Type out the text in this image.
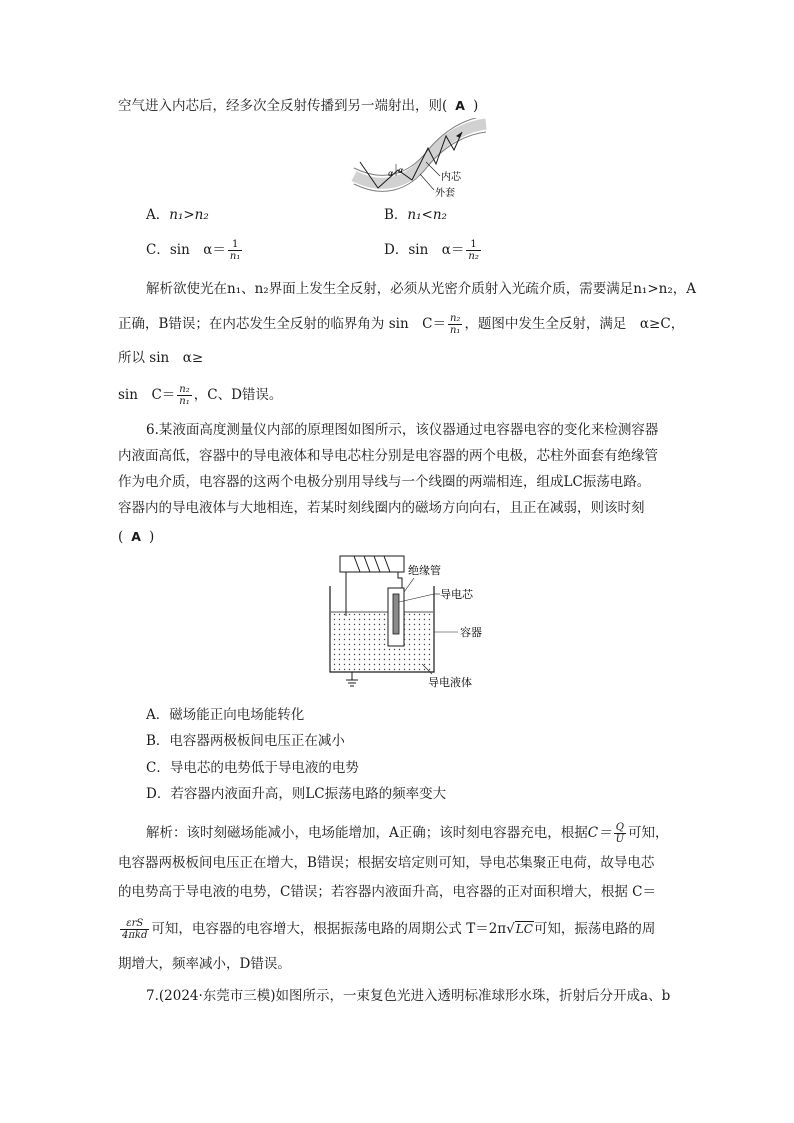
空气进入内芯后，经多次全反射传播到另一端射出，则( A )
α α
内芯
外套
A．n₁>n₂	B．n₁<n₂
C．sin　$\alpha= \frac{1}{\text{n₁}}$	D．sin　$\alpha= \frac{1}{\text{n₂}}$
解析欲使光在n₁、n₂界面上发生全反射，必须从光密介质射入光疏介质，需要满足n₁>n₂，A
正确，B错误；在内芯发生全反射的临界角为 sin　$C= \frac{\text{n₂}}{\text{n₁}}$ ，题图中发生全反射，满足　α≥C，
所以 sin　α≥
sin　$C= \frac{\text{n₂}}{\text{n₁}}$ ，C、D错误。
6.某液面高度测量仪内部的原理图如图所示，该仪器通过电容器电容的变化来检测容器
内液面高低，容器中的导电液体和导电芯柱分别是电容器的两个电极，芯柱外面套有绝缘管
作为电介质，电容器的这两个电极分别用导线与一个线圈的两端相连，组成LC振荡电路。
容器内的导电液体与大地相连，若某时刻线圈内的磁场方向向右，且正在减弱，则该时刻
( A )
绝缘管
导电芯
容器
导电液体
A．磁场能正向电场能转化
B．电容器两极板间电压正在减小
C．导电芯的电势低于导电液的电势
D．若容器内液面升高，则LC振荡电路的频率变大
解析：该时刻磁场能减小，电场能增加，A正确；该时刻电容器充电，根据$C= \frac{Q}{U}$ 可知，
电容器两极板间电压正在增大，B错误；根据安培定则可知，导电芯集聚正电荷，故导电芯
的电势高于导电液的电势，C错误；若容器内液面升高，电容器的正对面积增大，根据 C＝
$\frac{\text{εrS}}{\text{4πkd}}$ 可知，电容器的电容增大，根据振荡电路的周期公式 T＝2π√LC可知，振荡电路的周
期增大，频率减小，D错误。
7.(2024·东莞市三模)如图所示，一束复色光进入透明标准球形水珠，折射后分开成a、b
